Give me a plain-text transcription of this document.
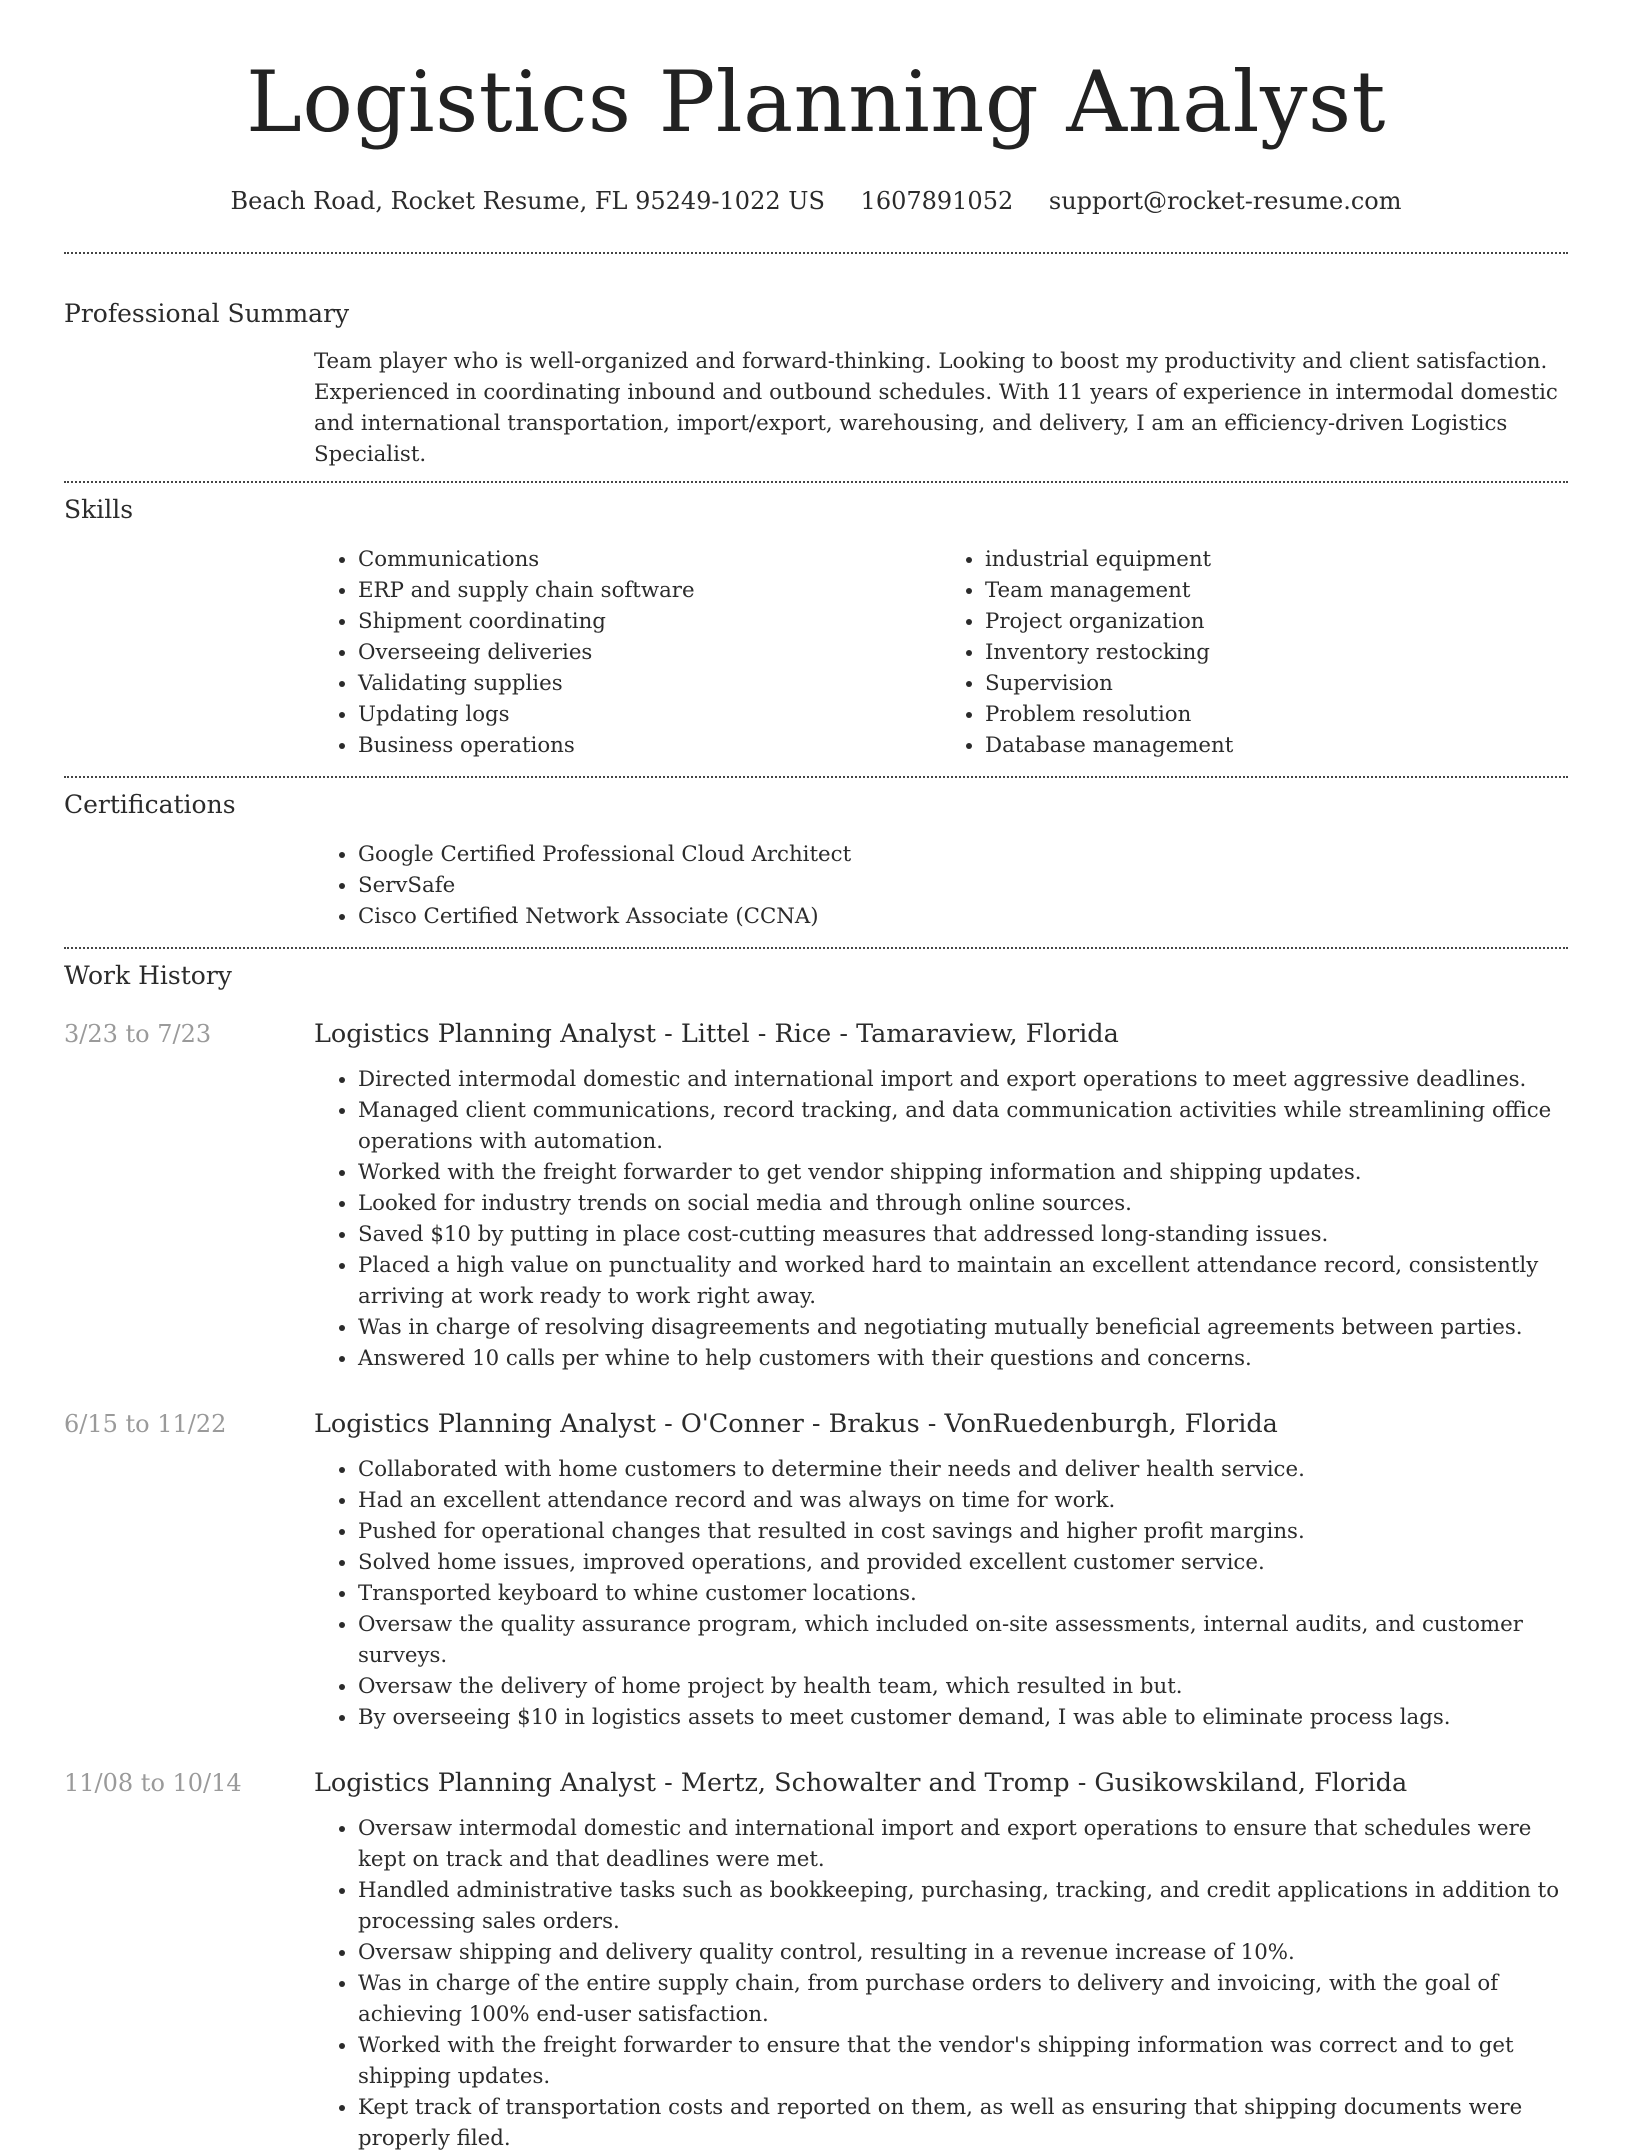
Logistics Planning Analyst
Beach Road, Rocket Resume, FL 95249-1022 US 1607891052 support@rocket-resume.com
Professional Summary

Team player who is well-organized and forward-thinking. Looking to boost my productivity and client satisfaction. Experienced in coordinating inbound and outbound schedules. With 11 years of experience in intermodal domestic and international transportation, import/export, warehousing, and delivery, I am an efficiency-driven Logistics Specialist.

Skills
• Communications
• ERP and supply chain software
• Shipment coordinating
• Overseeing deliveries
• Validating supplies
• Updating logs
• Business operations
• industrial equipment
• Team management
• Project organization
• Inventory restocking
• Supervision
• Problem resolution
• Database management
Certifications
• Google Certified Professional Cloud Architect
• ServSafe
• Cisco Certified Network Associate (CCNA)
Work History
3/23 to 7/23	Logistics Planning Analyst - Littel - Rice - Tamaraview, Florida
• Directed intermodal domestic and international import and export operations to meet aggressive deadlines.
• Managed client communications, record tracking, and data communication activities while streamlining office operations with automation.
• Worked with the freight forwarder to get vendor shipping information and shipping updates.
• Looked for industry trends on social media and through online sources.
• Saved $10 by putting in place cost-cutting measures that addressed long-standing issues.
• Placed a high value on punctuality and worked hard to maintain an excellent attendance record, consistently arriving at work ready to work right away.
• Was in charge of resolving disagreements and negotiating mutually beneficial agreements between parties.
• Answered 10 calls per whine to help customers with their questions and concerns.
6/15 to 11/22	Logistics Planning Analyst - O'Conner - Brakus - VonRuedenburgh, Florida
• Collaborated with home customers to determine their needs and deliver health service.
• Had an excellent attendance record and was always on time for work.
• Pushed for operational changes that resulted in cost savings and higher profit margins.
• Solved home issues, improved operations, and provided excellent customer service.
• Transported keyboard to whine customer locations.
• Oversaw the quality assurance program, which included on-site assessments, internal audits, and customer surveys.
• Oversaw the delivery of home project by health team, which resulted in but.
• By overseeing $10 in logistics assets to meet customer demand, I was able to eliminate process lags.
11/08 to 10/14	Logistics Planning Analyst - Mertz, Schowalter and Tromp - Gusikowskiland, Florida
• Oversaw intermodal domestic and international import and export operations to ensure that schedules were kept on track and that deadlines were met.
• Handled administrative tasks such as bookkeeping, purchasing, tracking, and credit applications in addition to processing sales orders.
• Oversaw shipping and delivery quality control, resulting in a revenue increase of 10%.
• Was in charge of the entire supply chain, from purchase orders to delivery and invoicing, with the goal of achieving 100% end-user satisfaction.
• Worked with the freight forwarder to ensure that the vendor's shipping information was correct and to get shipping updates.
• Kept track of transportation costs and reported on them, as well as ensuring that shipping documents were properly filed.
